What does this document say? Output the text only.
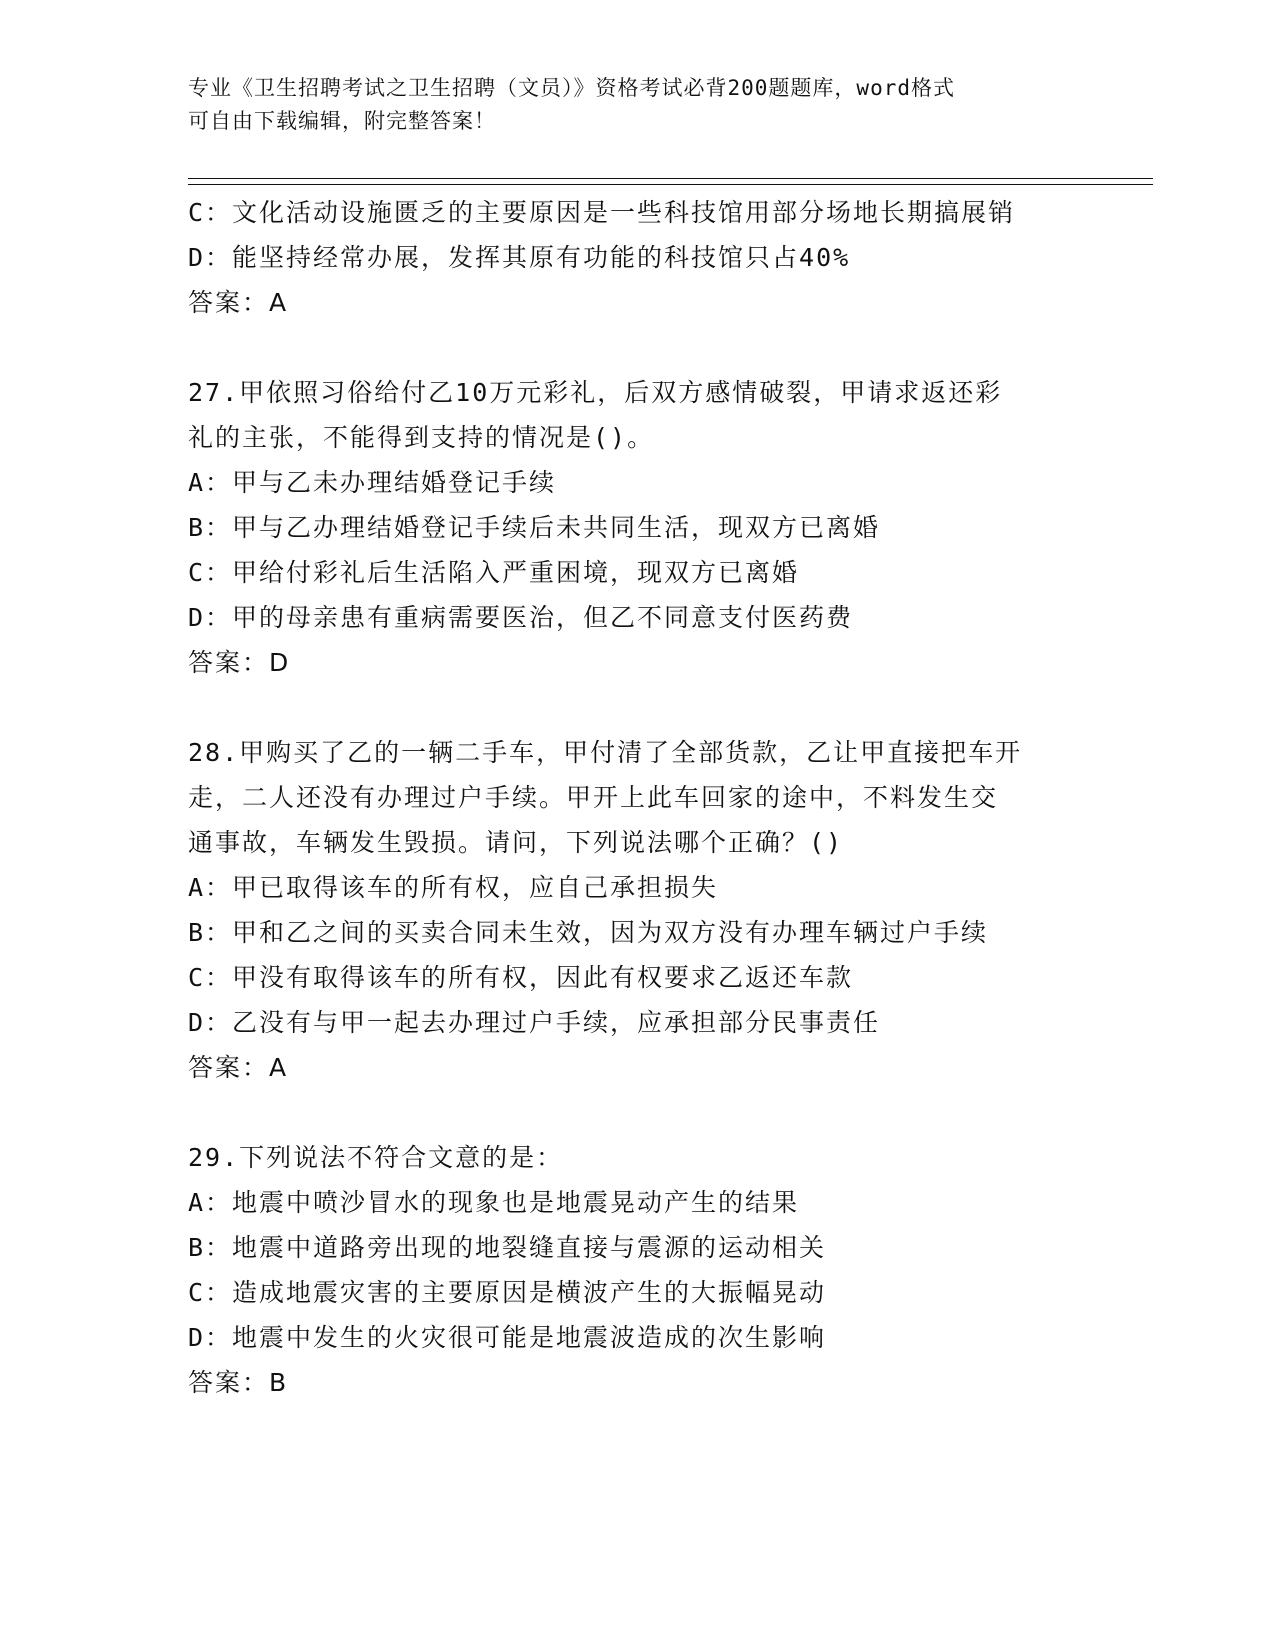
专业《卫生招聘考试之卫生招聘（文员）》资格考试必背200题题库，word格式
可自由下载编辑，附完整答案！
C：文化活动设施匮乏的主要原因是一些科技馆用部分场地长期搞展销
D：能坚持经常办展，发挥其原有功能的科技馆只占40%
答案：A
27.甲依照习俗给付乙10万元彩礼，后双方感情破裂，甲请求返还彩
礼的主张，不能得到支持的情况是()。
A：甲与乙未办理结婚登记手续
B：甲与乙办理结婚登记手续后未共同生活，现双方已离婚
C：甲给付彩礼后生活陷入严重困境，现双方已离婚
D：甲的母亲患有重病需要医治，但乙不同意支付医药费
答案：D
28.甲购买了乙的一辆二手车，甲付清了全部货款，乙让甲直接把车开
走，二人还没有办理过户手续。甲开上此车回家的途中，不料发生交
通事故，车辆发生毁损。请问，下列说法哪个正确？()
A：甲已取得该车的所有权，应自己承担损失
B：甲和乙之间的买卖合同未生效，因为双方没有办理车辆过户手续
C：甲没有取得该车的所有权，因此有权要求乙返还车款
D：乙没有与甲一起去办理过户手续，应承担部分民事责任
答案：A
29.下列说法不符合文意的是：
A：地震中喷沙冒水的现象也是地震晃动产生的结果
B：地震中道路旁出现的地裂缝直接与震源的运动相关
C：造成地震灾害的主要原因是横波产生的大振幅晃动
D：地震中发生的火灾很可能是地震波造成的次生影响
答案：B
